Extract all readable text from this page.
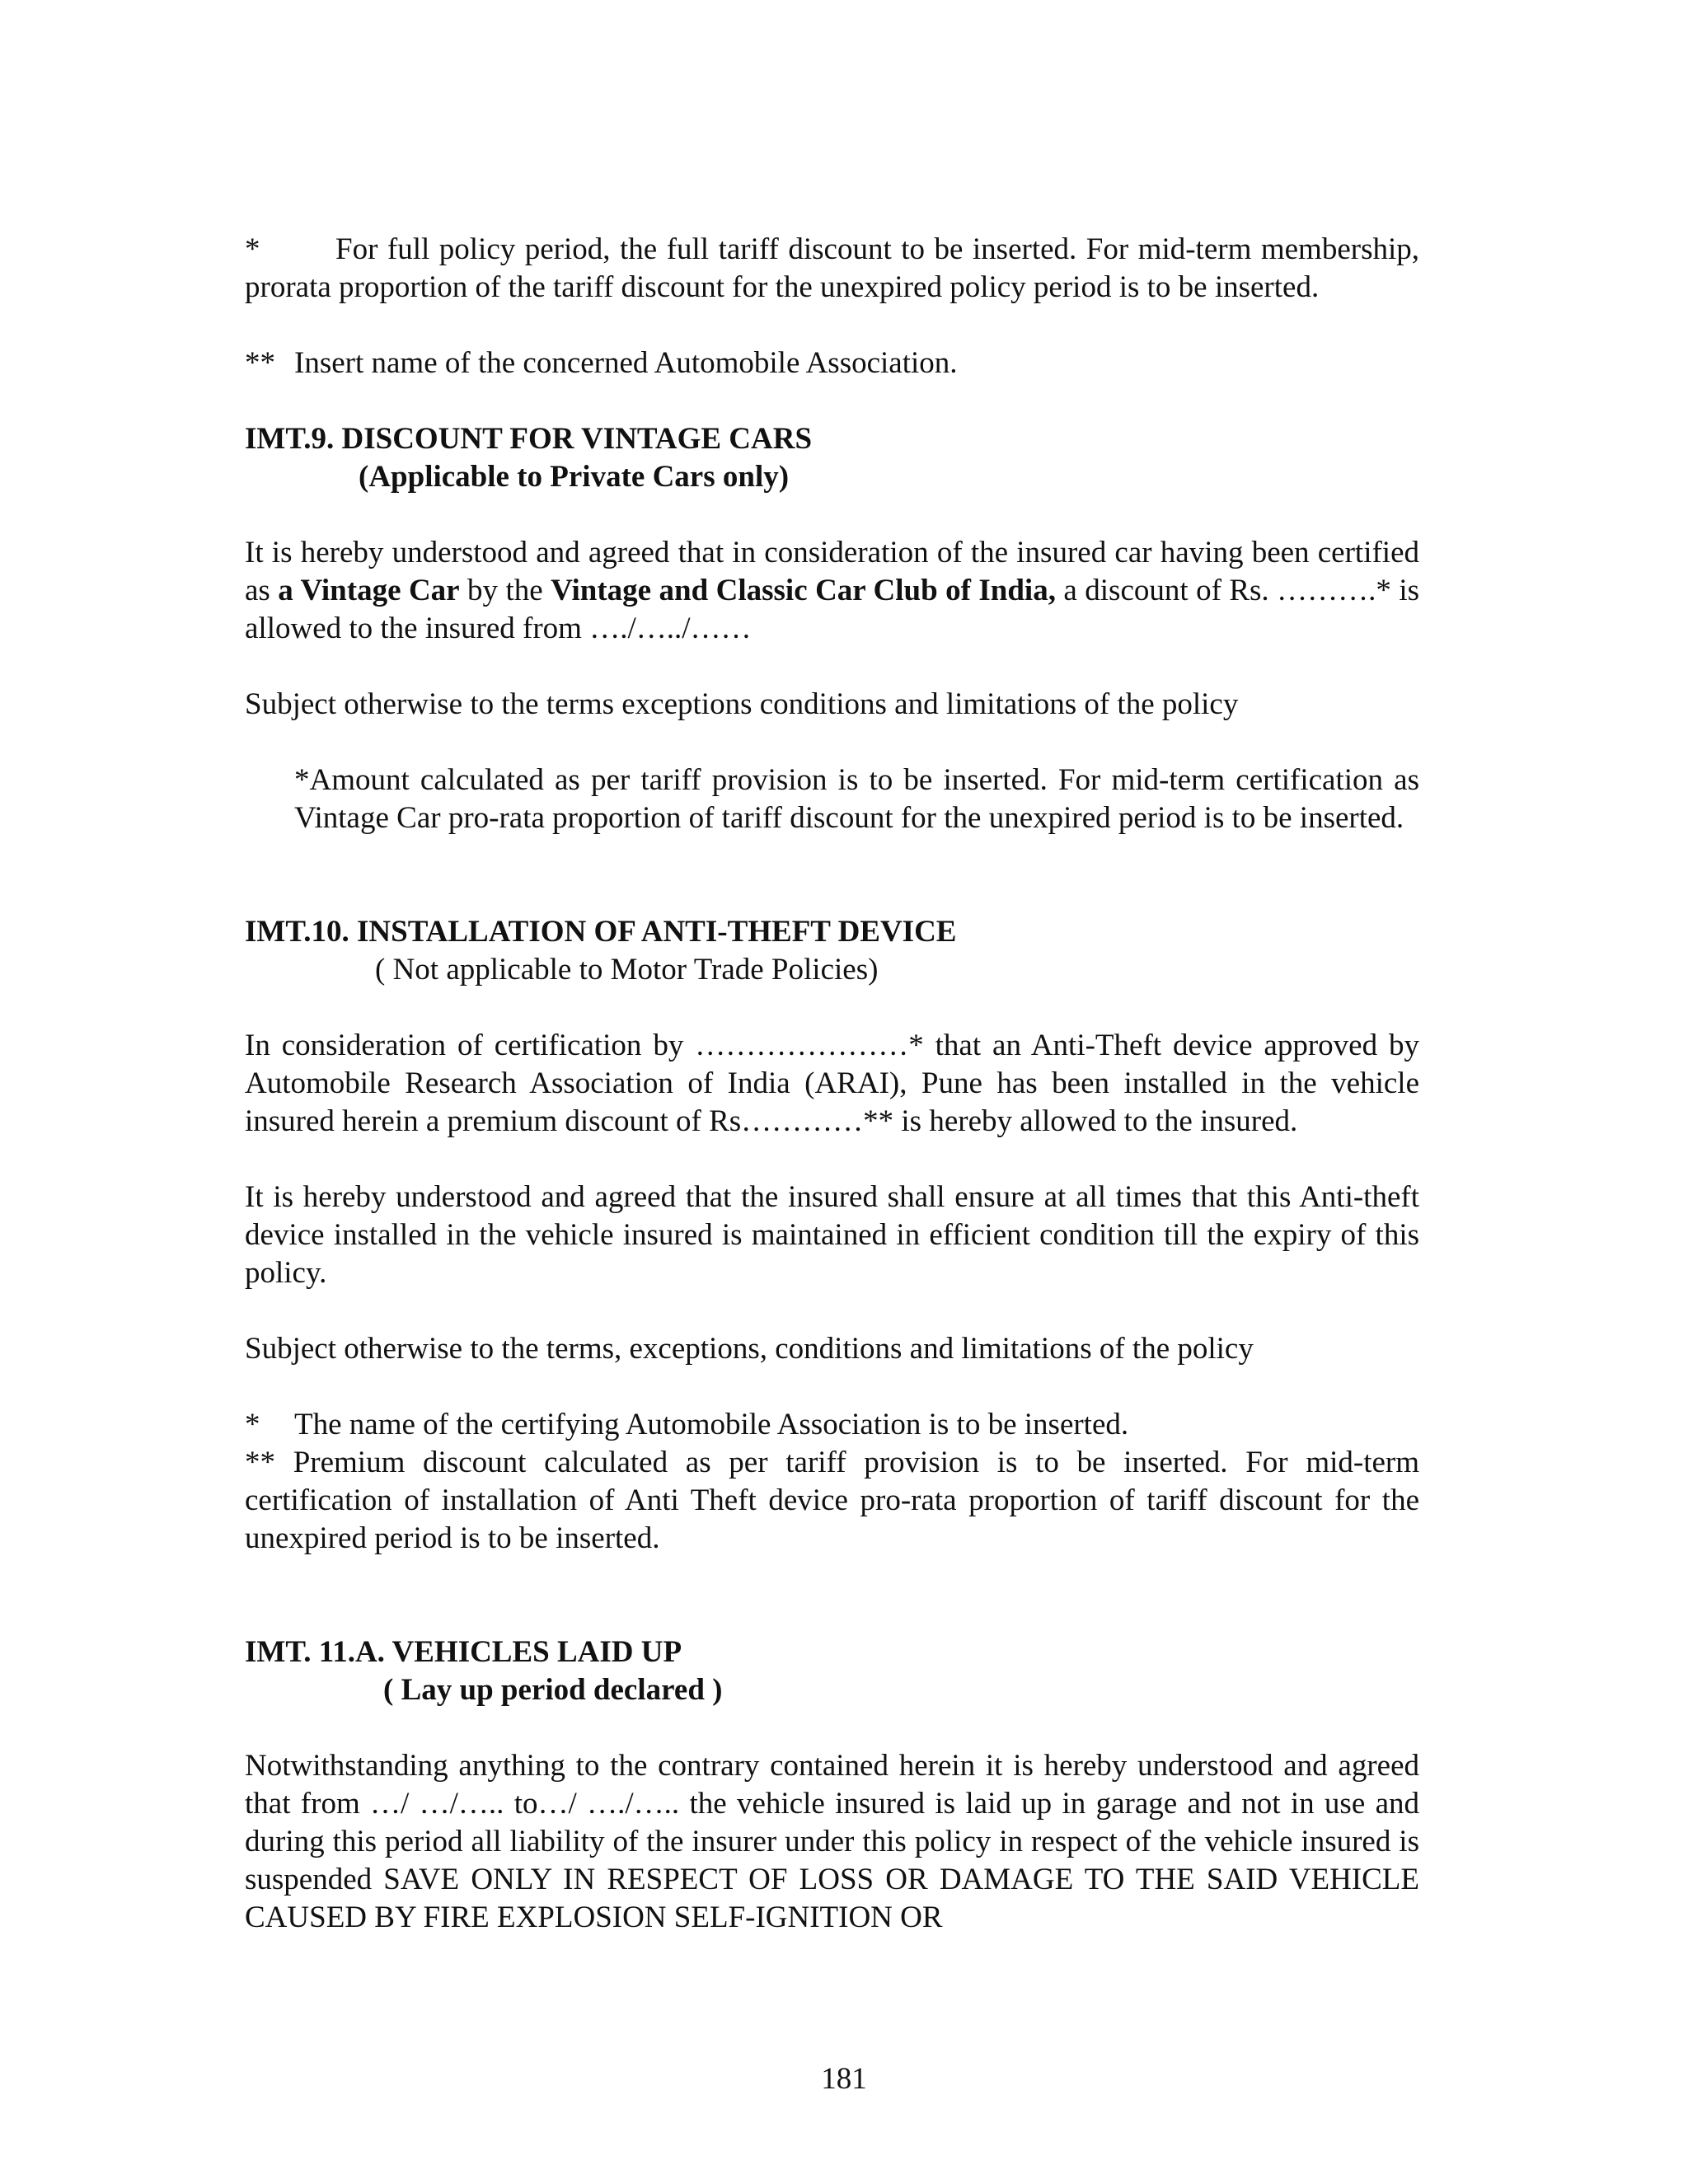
* For full policy period, the full tariff discount to be inserted. For mid-term membership, prorata proportion of the tariff discount for the unexpired policy period is to be inserted.

** Insert name of the concerned Automobile Association.

IMT.9. DISCOUNT FOR VINTAGE CARS

(Applicable to Private Cars only)

It is hereby understood and agreed that in consideration of the insured car having been certified as a Vintage Car by the Vintage and Classic Car Club of India, a discount of Rs. ……….* is allowed to the insured from …./…../……

Subject otherwise to the terms exceptions conditions and limitations of the policy

*Amount calculated as per tariff provision is to be inserted. For mid-term certification as Vintage Car pro-rata proportion of tariff discount for the unexpired period is to be inserted.

IMT.10. INSTALLATION OF ANTI-THEFT DEVICE

( Not applicable to Motor Trade Policies)

In consideration of certification by …………………* that an Anti-Theft device approved by Automobile Research Association of India (ARAI), Pune has been installed in the vehicle insured herein a premium discount of Rs…………** is hereby allowed to the insured.

It is hereby understood and agreed that the insured shall ensure at all times that this Anti-theft device installed in the vehicle insured is maintained in efficient condition till the expiry of this policy.

Subject otherwise to the terms, exceptions, conditions and limitations of the policy

* The name of the certifying Automobile Association is to be inserted.

** Premium discount calculated as per tariff provision is to be inserted. For mid-term certification of installation of Anti Theft device pro-rata proportion of tariff discount for the unexpired period is to be inserted.

IMT. 11.A. VEHICLES LAID UP

( Lay up period declared )

Notwithstanding anything to the contrary contained herein it is hereby understood and agreed that from …/ …/….. to…/ …./….. the vehicle insured is laid up in garage and not in use and during this period all liability of the insurer under this policy in respect of the vehicle insured is suspended SAVE ONLY IN RESPECT OF LOSS OR DAMAGE TO THE SAID VEHICLE CAUSED BY FIRE EXPLOSION SELF-IGNITION OR

181
